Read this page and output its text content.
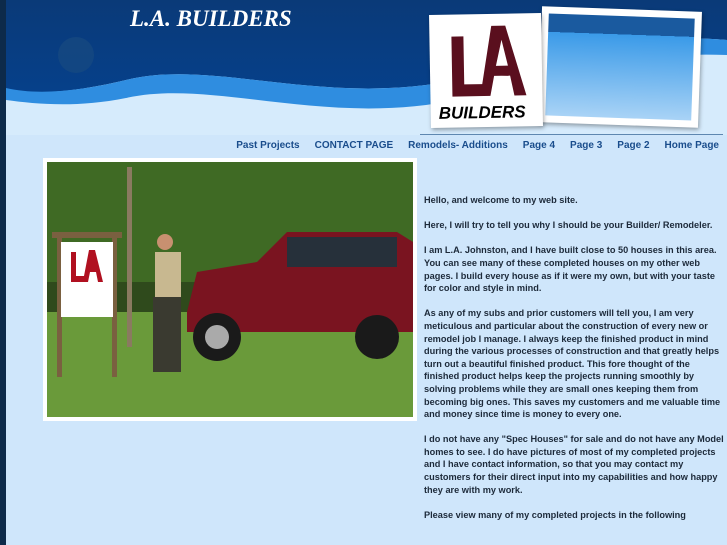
L.A. BUILDERS
BUILDERS
Past Projects CONTACT PAGE Remodels- Additions Page 4 Page 3 Page 2 Home Page

Hello, and welcome to my web site.

Here, I will try to tell you why I should be your Builder/ Remodeler.

I am L.A. Johnston, and I have built close to 50 houses in this area. You can see many of these completed houses on my other web pages. I build every house as if it were my own, but with your taste for color and style in mind.

As any of my subs and prior customers will tell you, I am very meticulous and particular about the construction of every new or remodel job I manage. I always keep the finished product in mind during the various processes of construction and that greatly helps turn out a beautiful finished product. This fore thought of the finished product helps keep the projects running smoothly by solving problems while they are small ones keeping them from becoming big ones. This saves my customers and me valuable time and money since time is money to every one.

I do not have any "Spec Houses" for sale and do not have any Model homes to see. I do have pictures of most of my completed projects and I have contact information, so that you may contact my customers for their direct input into my capabilities and how happy they are with my work.

Please view many of my completed projects in the following
